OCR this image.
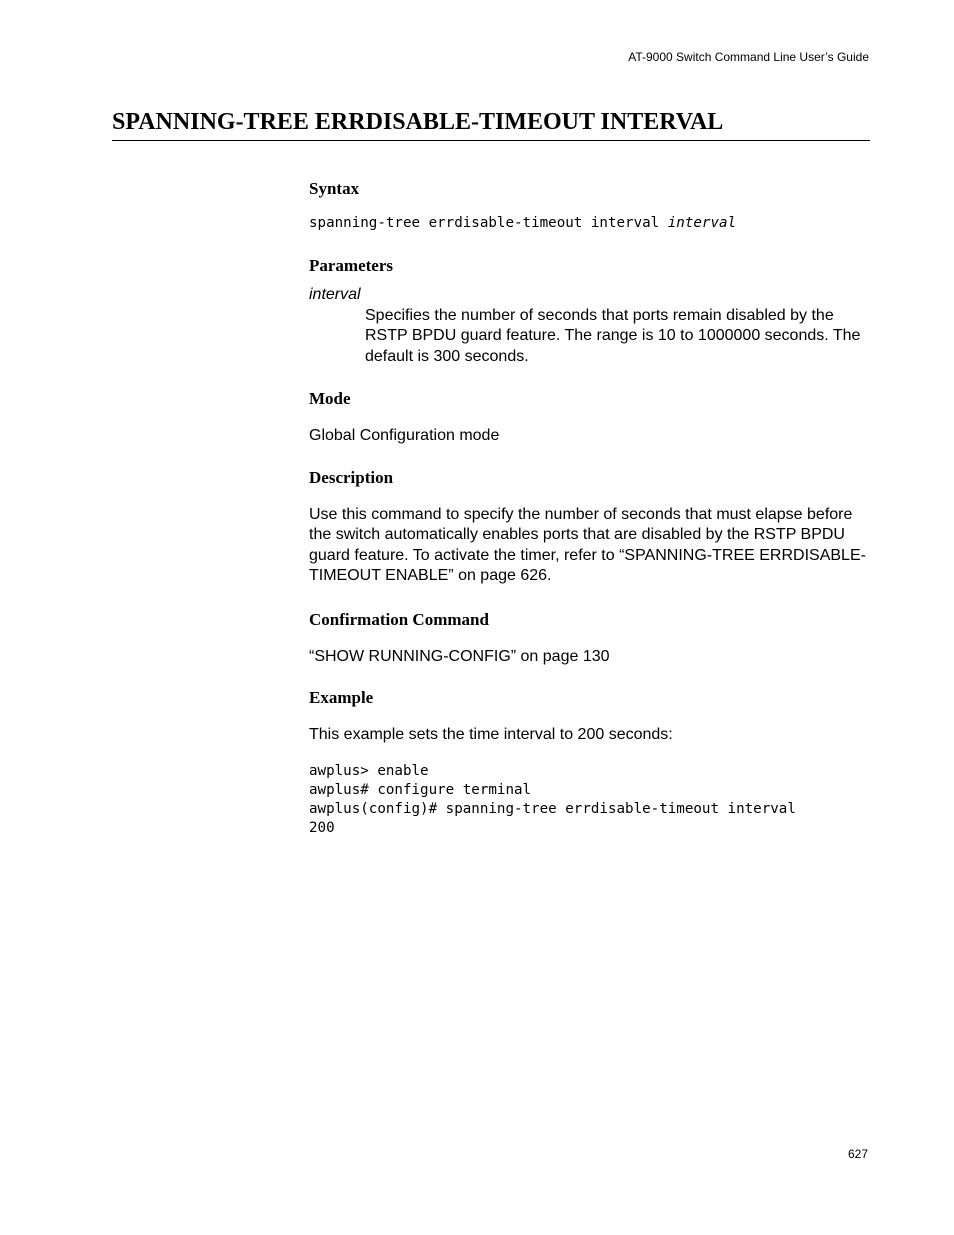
AT-9000 Switch Command Line User’s Guide
SPANNING-TREE ERRDISABLE-TIMEOUT INTERVAL
Syntax

spanning-tree errdisable-timeout interval interval

Parameters

interval

Specifies the number of seconds that ports remain disabled by the RSTP BPDU guard feature. The range is 10 to 1000000 seconds. The default is 300 seconds.

Mode

Global Configuration mode

Description

Use this command to specify the number of seconds that must elapse before the switch automatically enables ports that are disabled by the RSTP BPDU guard feature. To activate the timer, refer to “SPANNING-TREE ERRDISABLE-TIMEOUT ENABLE” on page 626.

Confirmation Command

“SHOW RUNNING-CONFIG” on page 130

Example

This example sets the time interval to 200 seconds:

awplus> enable
awplus# configure terminal
awplus(config)# spanning-tree errdisable-timeout interval
200
627
